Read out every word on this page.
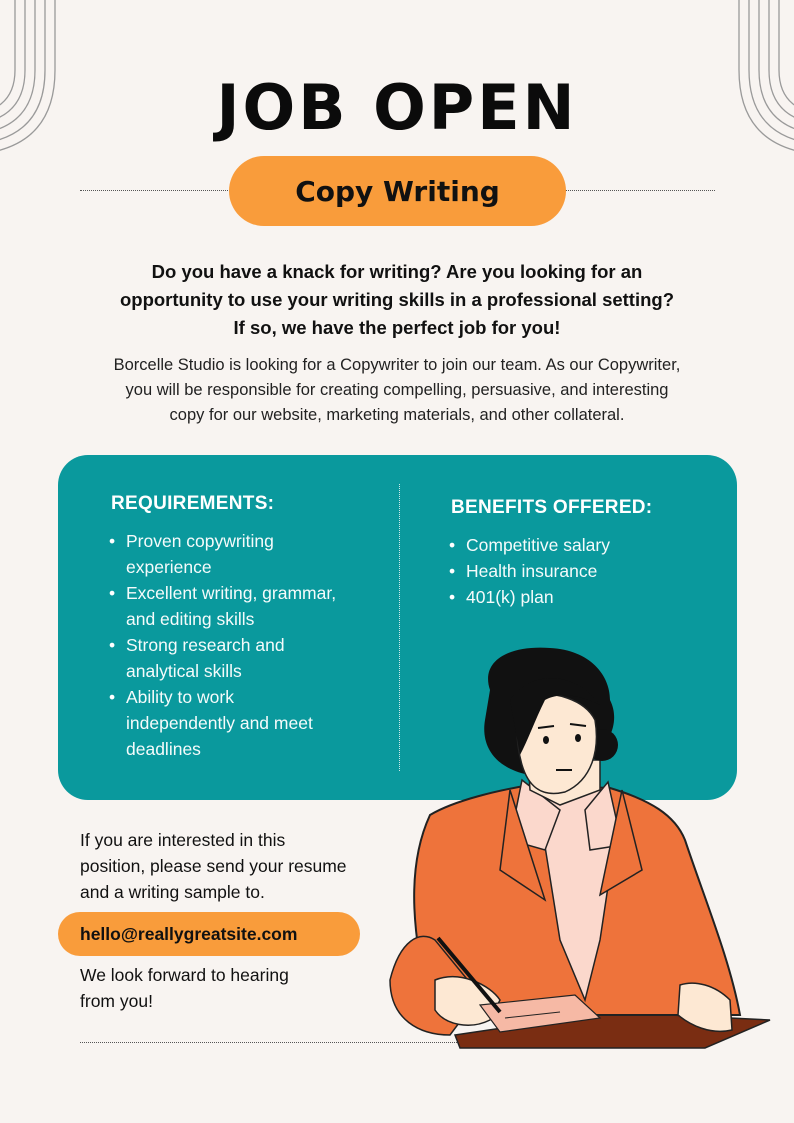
JOB OPEN
Copy Writing
Do you have a knack for writing? Are you looking for an
opportunity to use your writing skills in a professional setting?
If so, we have the perfect job for you!
Borcelle Studio is looking for a Copywriter to join our team. As our Copywriter,
you will be responsible for creating compelling, persuasive, and interesting
copy for our website, marketing materials, and other collateral.
REQUIREMENTS:
• Proven copywriting
experience
• Excellent writing, grammar,
and editing skills
• Strong research and
analytical skills
• Ability to work
independently and meet
deadlines
BENEFITS OFFERED:
• Competitive salary
• Health insurance
• 401(k) plan
If you are interested in this
position, please send your resume
and a writing sample to.
hello@reallygreatsite.com
We look forward to hearing
from you!
